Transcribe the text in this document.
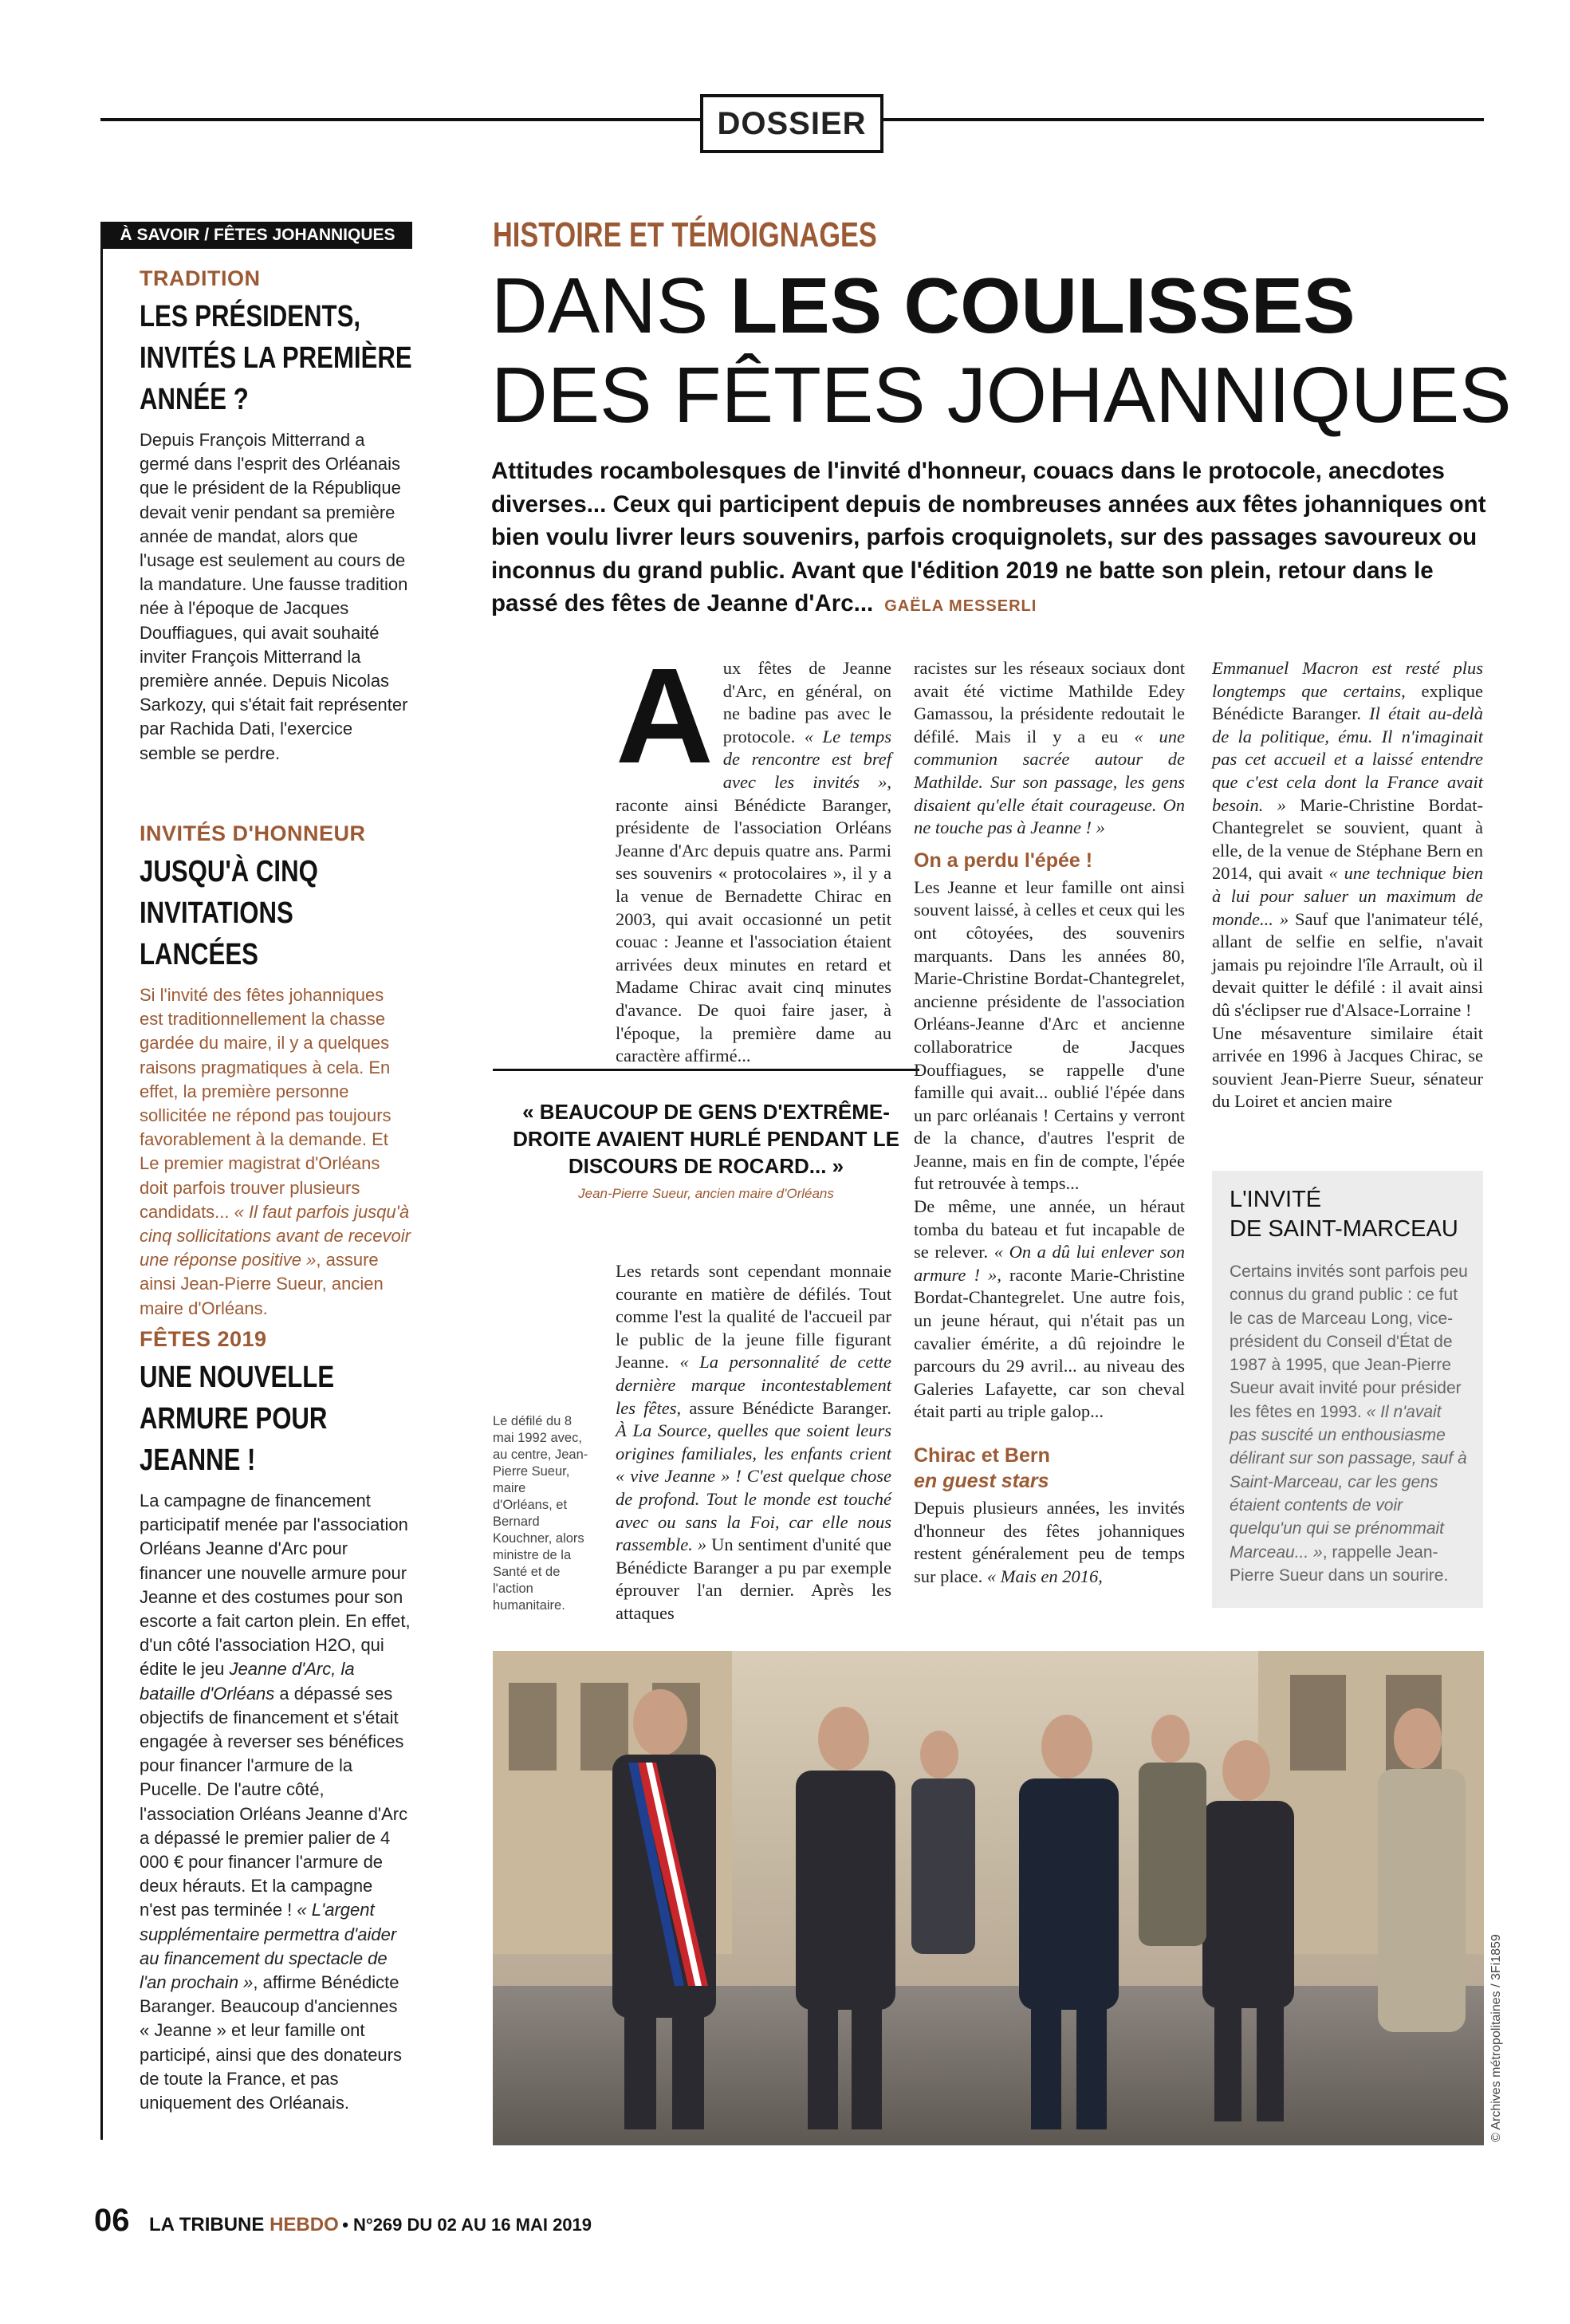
DOSSIER
À SAVOIR / FÊTES JOHANNIQUES
TRADITION
LES PRÉSIDENTS, INVITÉS LA PREMIÈRE ANNÉE ?
Depuis François Mitterrand a germé dans l'esprit des Orléanais que le président de la République devait venir pendant sa première année de mandat, alors que l'usage est seulement au cours de la mandature. Une fausse tradition née à l'époque de Jacques Douffiagues, qui avait souhaité inviter François Mitterrand la première année. Depuis Nicolas Sarkozy, qui s'était fait représenter par Rachida Dati, l'exercice semble se perdre.
INVITÉS D'HONNEUR
JUSQU'À CINQ INVITATIONS LANCÉES
Si l'invité des fêtes johanniques est traditionnellement la chasse gardée du maire, il y a quelques raisons pragmatiques à cela. En effet, la première personne sollicitée ne répond pas toujours favorablement à la demande. Et Le premier magistrat d'Orléans doit parfois trouver plusieurs candidats... « Il faut parfois jusqu'à cinq sollicitations avant de recevoir une réponse positive », assure ainsi Jean-Pierre Sueur, ancien maire d'Orléans.
FÊTES 2019
UNE NOUVELLE ARMURE POUR JEANNE !
La campagne de financement participatif menée par l'association Orléans Jeanne d'Arc pour financer une nouvelle armure pour Jeanne et des costumes pour son escorte a fait carton plein. En effet, d'un côté l'association H2O, qui édite le jeu Jeanne d'Arc, la bataille d'Orléans a dépassé ses objectifs de financement et s'était engagée à reverser ses bénéfices pour financer l'armure de la Pucelle. De l'autre côté, l'association Orléans Jeanne d'Arc a dépassé le premier palier de 4 000 € pour financer l'armure de deux hérauts. Et la campagne n'est pas terminée ! « L'argent supplémentaire permettra d'aider au financement du spectacle de l'an prochain », affirme Bénédicte Baranger. Beaucoup d'anciennes « Jeanne » et leur famille ont participé, ainsi que des donateurs de toute la France, et pas uniquement des Orléanais.
HISTOIRE ET TÉMOIGNAGES
DANS LES COULISSES
DES FÊTES JOHANNIQUES
Attitudes rocambolesques de l'invité d'honneur, couacs dans le protocole, anecdotes diverses... Ceux qui participent depuis de nombreuses années aux fêtes johanniques ont bien voulu livrer leurs souvenirs, parfois croquignolets, sur des passages savoureux ou inconnus du grand public. Avant que l'édition 2019 ne batte son plein, retour dans le passé des fêtes de Jeanne d'Arc... GAËLA MESSERLI

Aux fêtes de Jeanne d'Arc, en général, on ne badine pas avec le protocole. « Le temps de rencontre est bref avec les invités », raconte ainsi Bénédicte Baranger, présidente de l'association Orléans Jeanne d'Arc depuis quatre ans. Parmi ses souvenirs « protocolaires », il y a la venue de Bernadette Chirac en 2003, qui avait occasionné un petit couac : Jeanne et l'association étaient arrivées deux minutes en retard et Madame Chirac avait cinq minutes d'avance. De quoi faire jaser, à l'époque, la première dame au caractère affirmé...

« BEAUCOUP DE GENS D'EXTRÊME-DROITE AVAIENT HURLÉ PENDANT LE DISCOURS DE ROCARD... »
Jean-Pierre Sueur, ancien maire d'Orléans
Le défilé du 8 mai 1992 avec, au centre, Jean-Pierre Sueur, maire d'Orléans, et Bernard Kouchner, alors ministre de la Santé et de l'action humanitaire.

Les retards sont cependant monnaie courante en matière de défilés. Tout comme l'est la qualité de l'accueil par le public de la jeune fille figurant Jeanne. « La personnalité de cette dernière marque incontestablement les fêtes, assure Bénédicte Baranger. À La Source, quelles que soient leurs origines familiales, les enfants crient « vive Jeanne » ! C'est quelque chose de profond. Tout le monde est touché avec ou sans la Foi, car elle nous rassemble. » Un sentiment d'unité que Bénédicte Baranger a pu par exemple éprouver l'an dernier. Après les attaques

racistes sur les réseaux sociaux dont avait été victime Mathilde Edey Gamassou, la présidente redoutait le défilé. Mais il y a eu « une communion sacrée autour de Mathilde. Sur son passage, les gens disaient qu'elle était courageuse. On ne touche pas à Jeanne ! »

On a perdu l'épée !

Les Jeanne et leur famille ont ainsi souvent laissé, à celles et ceux qui les ont côtoyées, des souvenirs marquants. Dans les années 80, Marie-Christine Bordat-Chantegrelet, ancienne présidente de l'association Orléans-Jeanne d'Arc et ancienne collaboratrice de Jacques Douffiagues, se rappelle d'une famille qui avait... oublié l'épée dans un parc orléanais ! Certains y verront de la chance, d'autres l'esprit de Jeanne, mais en fin de compte, l'épée fut retrouvée à temps...

De même, une année, un héraut tomba du bateau et fut incapable de se relever. « On a dû lui enlever son armure ! », raconte Marie-Christine Bordat-Chantegrelet. Une autre fois, un jeune héraut, qui n'était pas un cavalier émérite, a dû rejoindre le parcours du 29 avril... au niveau des Galeries Lafayette, car son cheval était parti au triple galop...

Chirac et Bern
en guest stars

Depuis plusieurs années, les invités d'honneur des fêtes johanniques restent généralement peu de temps sur place. « Mais en 2016,

Emmanuel Macron est resté plus longtemps que certains, explique Bénédicte Baranger. Il était au-delà de la politique, ému. Il n'imaginait pas cet accueil et a laissé entendre que c'est cela dont la France avait besoin. » Marie-Christine Bordat-Chantegrelet se souvient, quant à elle, de la venue de Stéphane Bern en 2014, qui avait « une technique bien à lui pour saluer un maximum de monde... » Sauf que l'animateur télé, allant de selfie en selfie, n'avait jamais pu rejoindre l'île Arrault, où il devait quitter le défilé : il avait ainsi dû s'éclipser rue d'Alsace-Lorraine !

Une mésaventure similaire était arrivée en 1996 à Jacques Chirac, se souvient Jean-Pierre Sueur, sénateur du Loiret et ancien maire

L'INVITÉ
DE SAINT-MARCEAU
Certains invités sont parfois peu connus du grand public : ce fut le cas de Marceau Long, vice-président du Conseil d'État de 1987 à 1995, que Jean-Pierre Sueur avait invité pour présider les fêtes en 1993. « Il n'avait pas suscité un enthousiasme délirant sur son passage, sauf à Saint-Marceau, car les gens étaient contents de voir quelqu'un qui se prénommait Marceau... », rappelle Jean-Pierre Sueur dans un sourire.
© Archives métropolitaines / 3Fi1859
06 LA TRIBUNE HEBDO • N°269 DU 02 AU 16 MAI 2019
